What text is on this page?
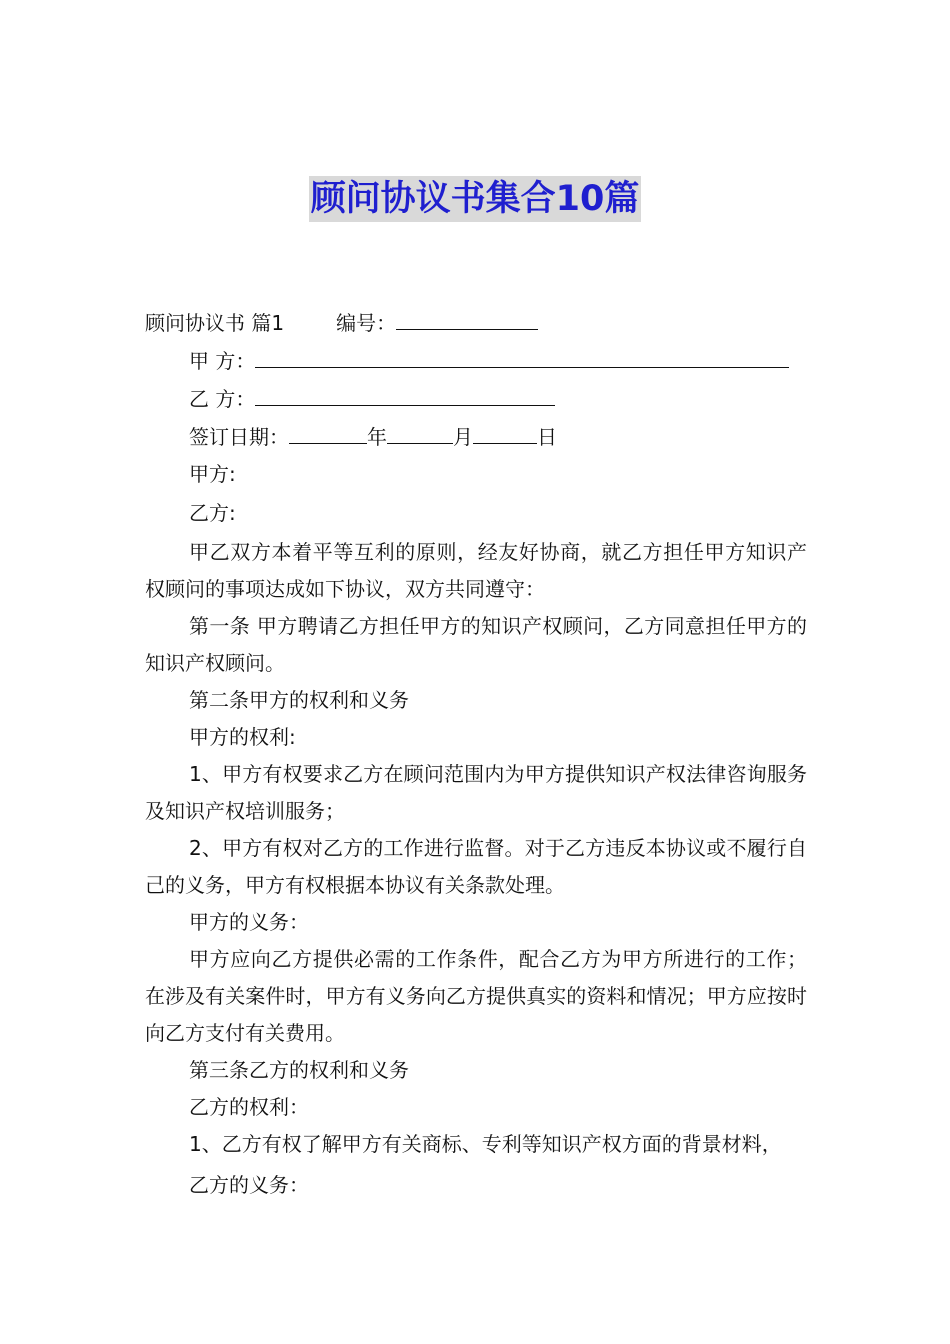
顾问协议书集合10篇
顾问协议书 篇1	编号：
甲 方：
乙 方：
签订日期：	年	月	日
甲方:
乙方:
甲乙双方本着平等互利的原则，经友好协商，就乙方担任甲方知识产权顾问的事项达成如下协议，双方共同遵守：
第一条 甲方聘请乙方担任甲方的知识产权顾问，乙方同意担任甲方的知识产权顾问。
第二条甲方的权利和义务
甲方的权利:
1、甲方有权要求乙方在顾问范围内为甲方提供知识产权法律咨询服务及知识产权培训服务；
2、甲方有权对乙方的工作进行监督。对于乙方违反本协议或不履行自己的义务，甲方有权根据本协议有关条款处理。
甲方的义务：
甲方应向乙方提供必需的工作条件，配合乙方为甲方所进行的工作；在涉及有关案件时，甲方有义务向乙方提供真实的资料和情况；甲方应按时向乙方支付有关费用。
第三条乙方的权利和义务
乙方的权利：
1、乙方有权了解甲方有关商标、专利等知识产权方面的背景材料，
乙方的义务：
